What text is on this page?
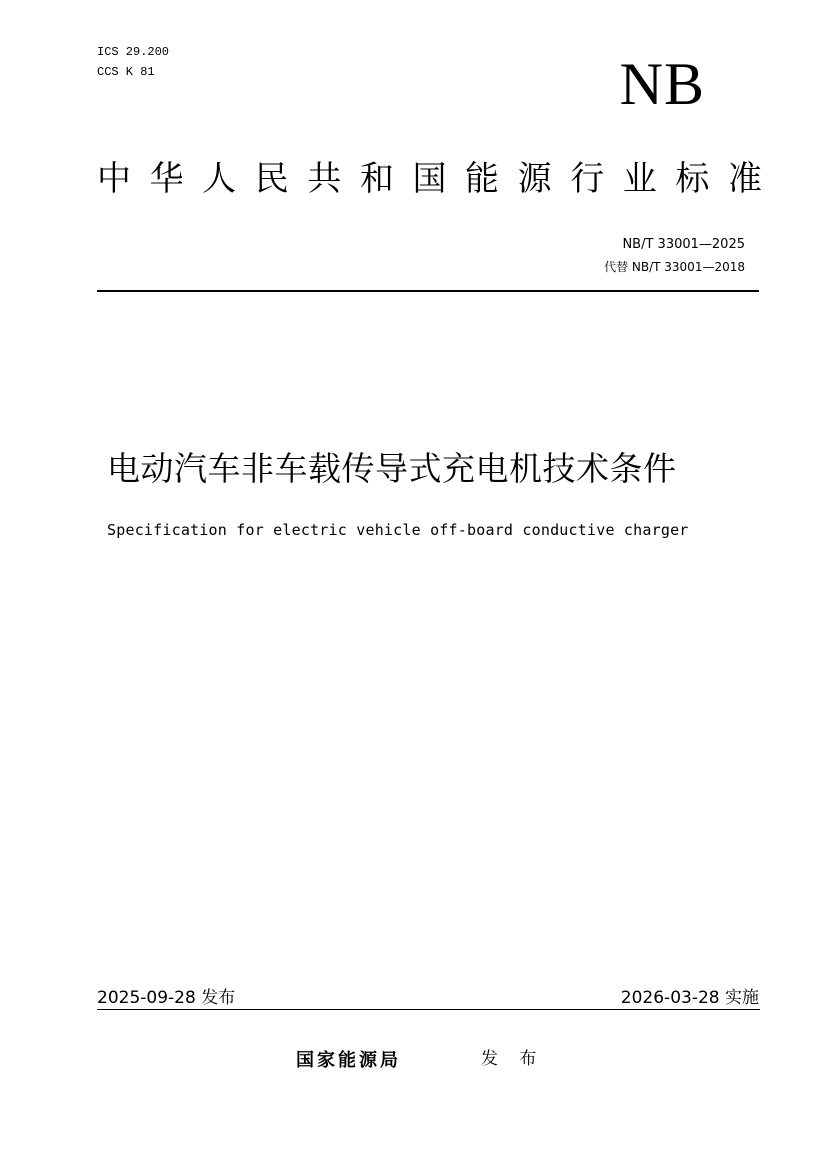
ICS 29.200
CCS K 81	NB
中 华 人 民 共 和 国 能 源 行 业 标 准
NB/T 33001—2025
代替 NB/T 33001—2018
电动汽车非车载传导式充电机技术条件
Specification for electric vehicle off-board conductive charger
2025-09-28 发布	2026-03-28 实施
国家能源局	发 布
